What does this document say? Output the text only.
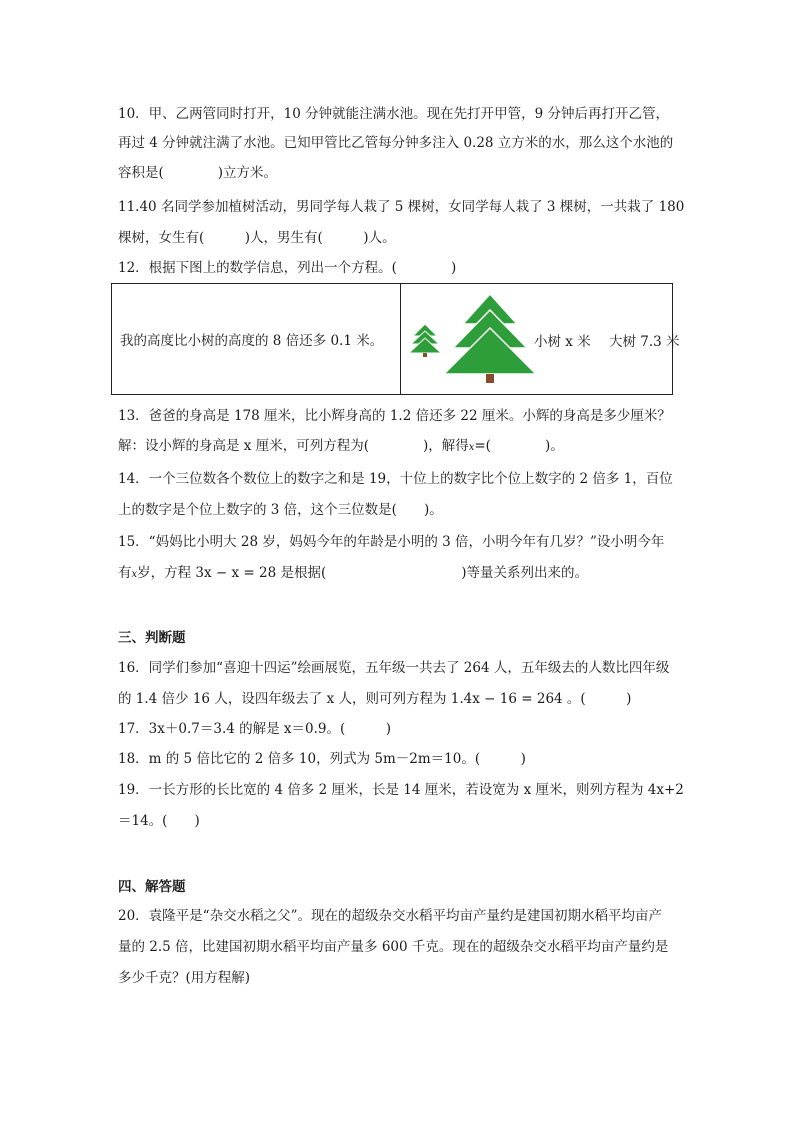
10．甲、乙两管同时打开，10 分钟就能注满水池。现在先打开甲管，9 分钟后再打开乙管，
再过 4 分钟就注满了水池。已知甲管比乙管每分钟多注入 0.28 立方米的水，那么这个水池的
容积是(　　　　)立方米。
11.40 名同学参加植树活动，男同学每人栽了 5 棵树，女同学每人栽了 3 棵树，一共栽了 180
棵树，女生有(　　　)人，男生有(　　　)人。
12．根据下图上的数学信息，列出一个方程。(　　　　)
我的高度比小树的高度的 8 倍还多 0.1 米。	小树 x 米 大树 7.3 米
13．爸爸的身高是 178 厘米，比小辉身高的 1.2 倍还多 22 厘米。小辉的身高是多少厘米？
解：设小辉的身高是 x 厘米，可列方程为(　　　　)，解得x=(　　　　)。
14．一个三位数各个数位上的数字之和是 19，十位上的数字比个位上数字的 2 倍多 1，百位
上的数字是个位上数字的 3 倍，这个三位数是(　　)。
15．“妈妈比小明大 28 岁，妈妈今年的年龄是小明的 3 倍，小明今年有几岁？”设小明今年
有x岁，方程 3x − x = 28 是根据(　　　　　　　　　　)等量关系列出来的。
三、判断题
16．同学们参加“喜迎十四运”绘画展览，五年级一共去了 264 人，五年级去的人数比四年级
的 1.4 倍少 16 人，设四年级去了 x 人，则可列方程为 1.4x − 16 = 264 。(　　　)
17．3x＋0.7＝3.4 的解是 x＝0.9。(　　　)
18．m 的 5 倍比它的 2 倍多 10，列式为 5m－2m＝10。(　　　)
19．一长方形的长比宽的 4 倍多 2 厘米，长是 14 厘米，若设宽为 x 厘米，则列方程为 4x+2
＝14。(　　)
四、解答题
20．袁隆平是“杂交水稻之父”。现在的超级杂交水稻平均亩产量约是建国初期水稻平均亩产
量的 2.5 倍，比建国初期水稻平均亩产量多 600 千克。现在的超级杂交水稻平均亩产量约是
多少千克？(用方程解)
